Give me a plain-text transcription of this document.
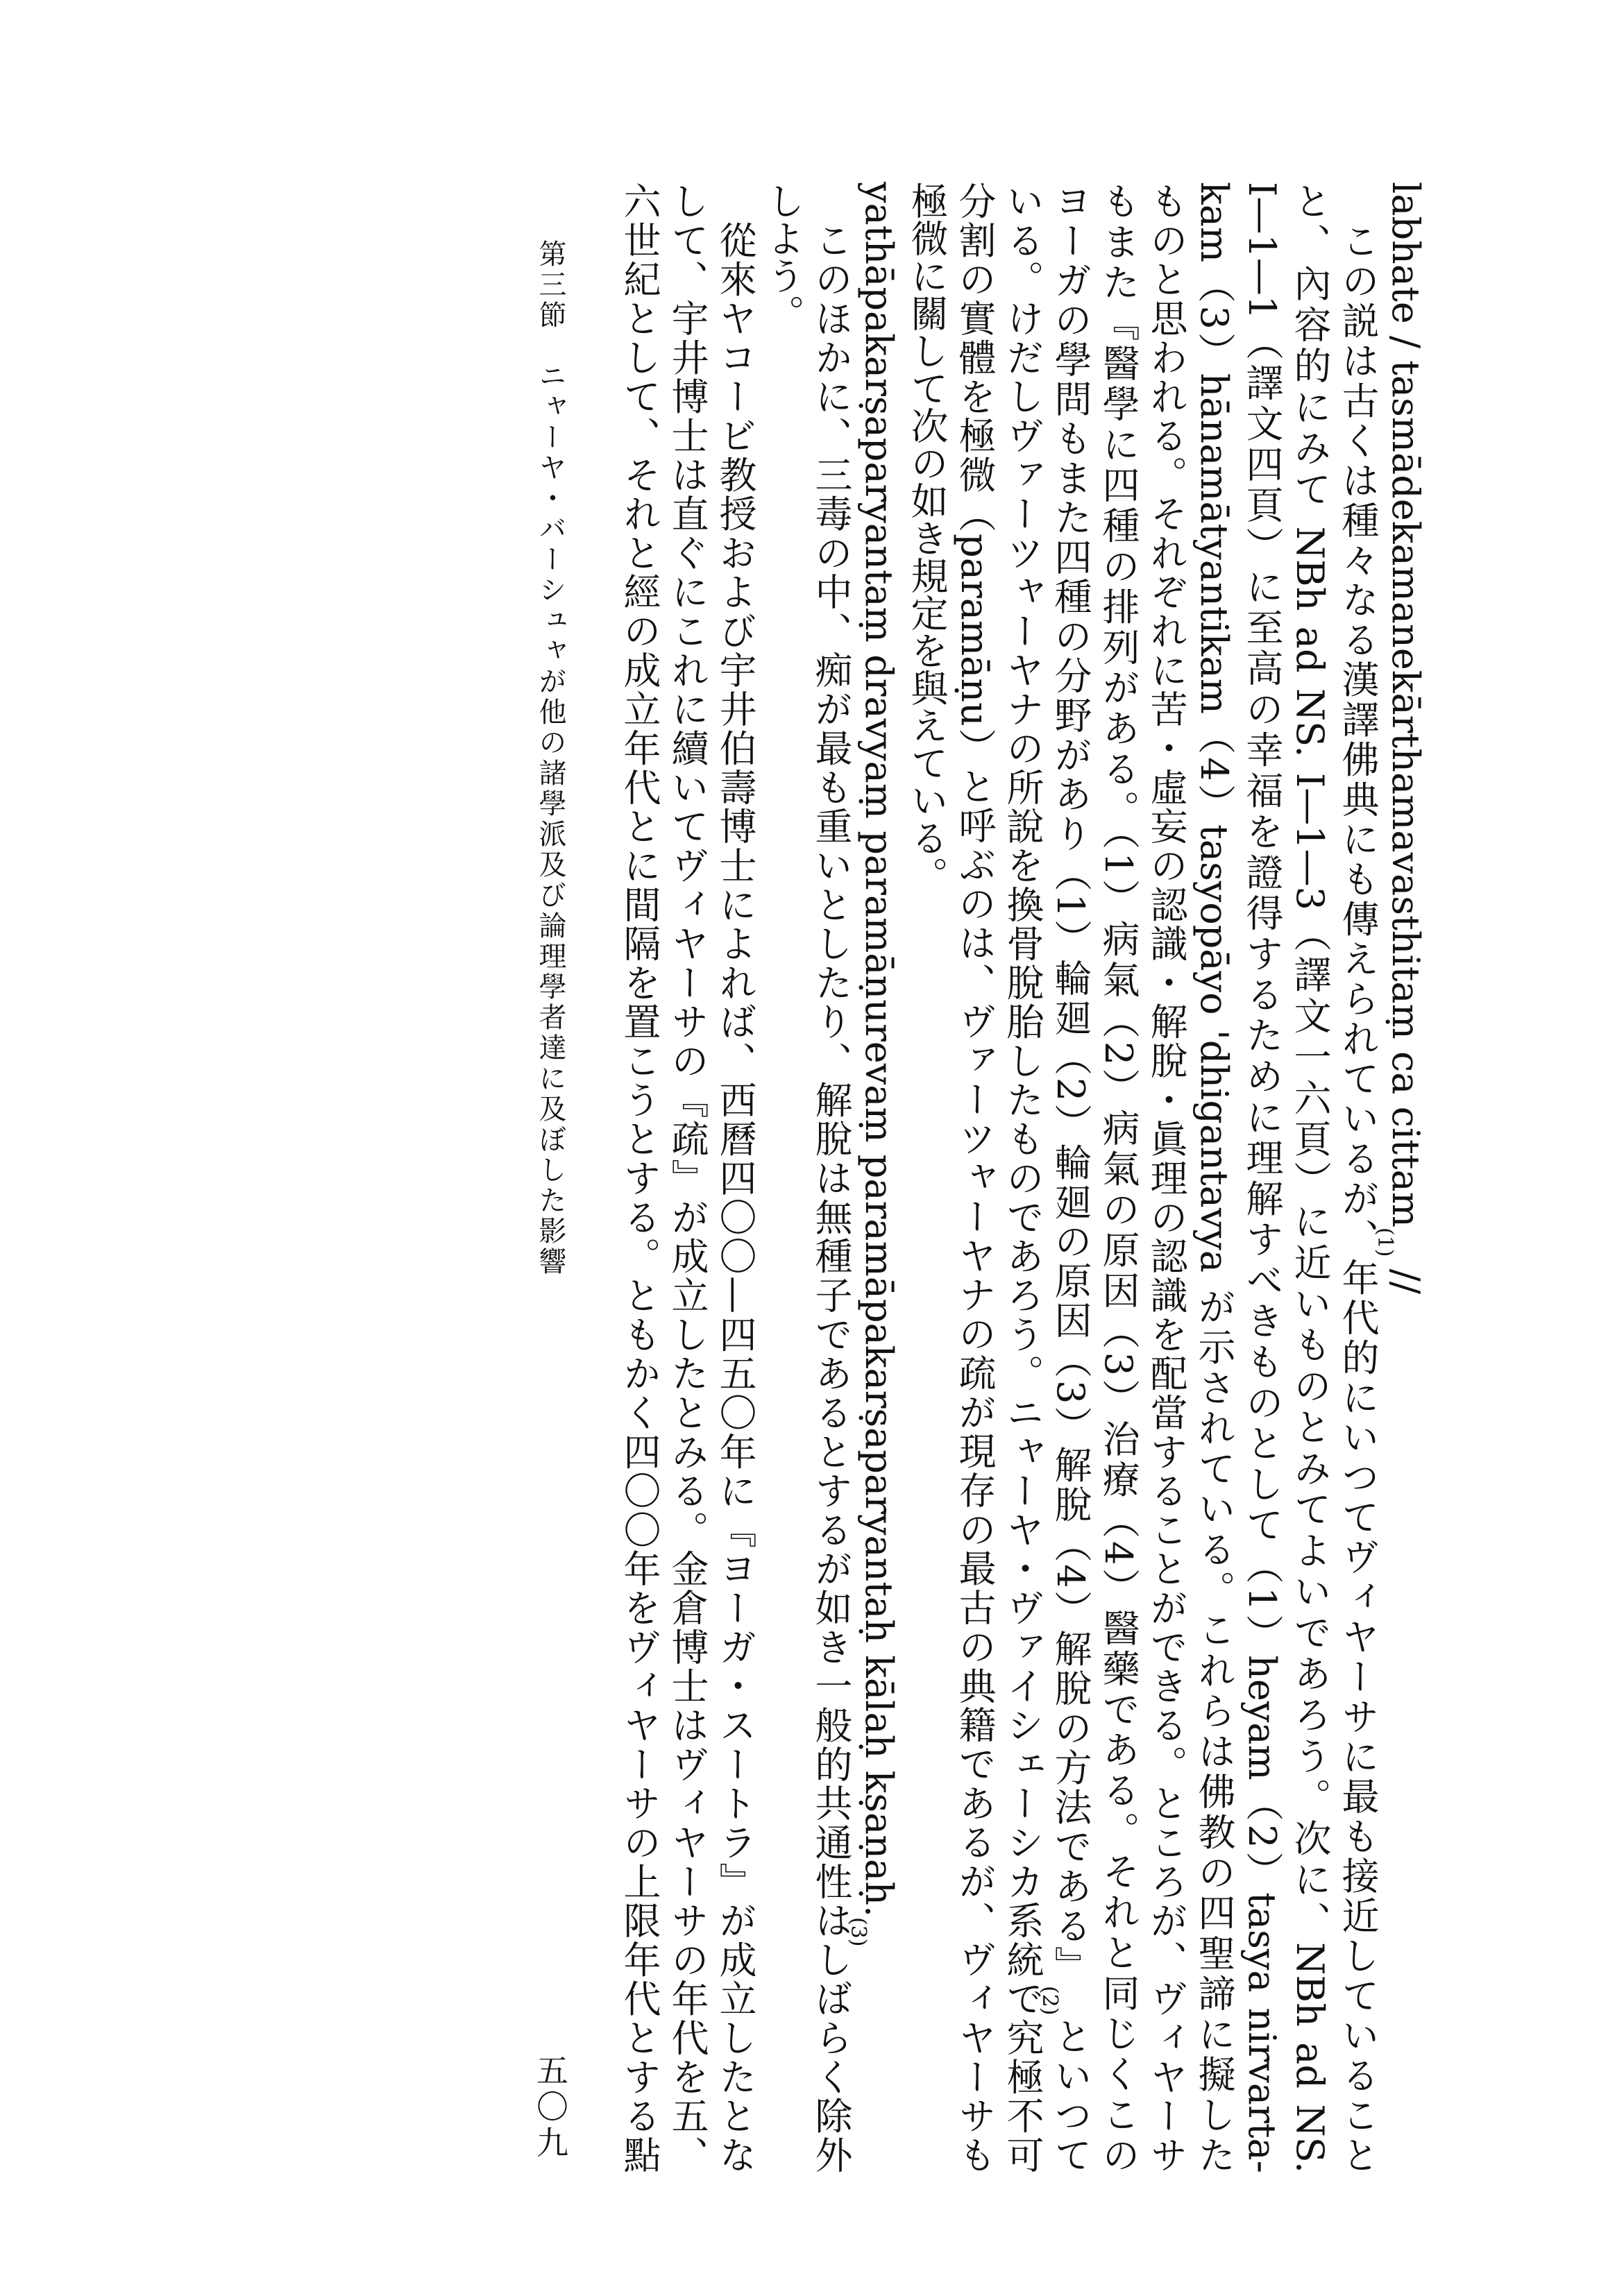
labhate / tasmādekamanekārthamavasthitaṃ ca cittam(1) //
　この説は古くは種々なる漢譯佛典にも傳えられているが、年代的にいつてヴィヤーサに最も接近していること
と、內容的にみて NBh ad NS. I—1—3（譯文一六頁）に近いものとみてよいであろう。次に、NBh ad NS.
I—1—1（譯文四頁）に至高の幸福を證得するために理解すべきものとして（1）heyam（2）tasya nirvarta-
kam（3）hānamātyantikam（4）tasyopāyo 'dhigantavya が示されている。これらは佛教の四聖諦に擬した
ものと思われる。それぞれに苦・虛妄の認識・解脫・眞理の認識を配當することができる。ところが、ヴィヤーサ
もまた『醫學に四種の排列がある。（1）病氣（2）病氣の原因（3）治療（4）醫藥である。それと同じくこの
ヨーガの學問もまた四種の分野があり（1）輪廻（2）輪廻の原因（3）解脫（4）解脫の方法である』(2)といつて
いる。けだしヴァーツャーヤナの所說を換骨脫胎したものであろう。ニャーヤ・ヴァイシェーシカ系統で究極不可
分割の實體を極微（paramāṇu）と呼ぶのは、ヴァーツャーヤナの疏が現存の最古の典籍であるが、ヴィヤーサも
極微に關して次の如き規定を與えている。
yathāpakarṣaparyantaṃ dravyaṃ paramāṇurevaṃ paramāpakarṣaparyantaḥ kālaḥ kṣaṇaḥ.(3)
　このほかに、三毒の中、痴が最も重いとしたり、解脫は無種子であるとするが如き一般的共通性はしばらく除外
しよう。
　從來ヤコービ教授および宇井伯壽博士によれば、西曆四〇〇—四五〇年に『ヨーガ・スートラ』が成立したとな
して、宇井博士は直ぐにこれに續いてヴィヤーサの『疏』が成立したとみる。金倉博士はヴィヤーサの年代を五、
六世紀として、それと經の成立年代とに間隔を置こうとする。ともかく四〇〇年をヴィヤーサの上限年代とする點
第三節　ニャーヤ・バーシュャが他の諸學派及び論理學者達に及ぼした影響
五〇九
